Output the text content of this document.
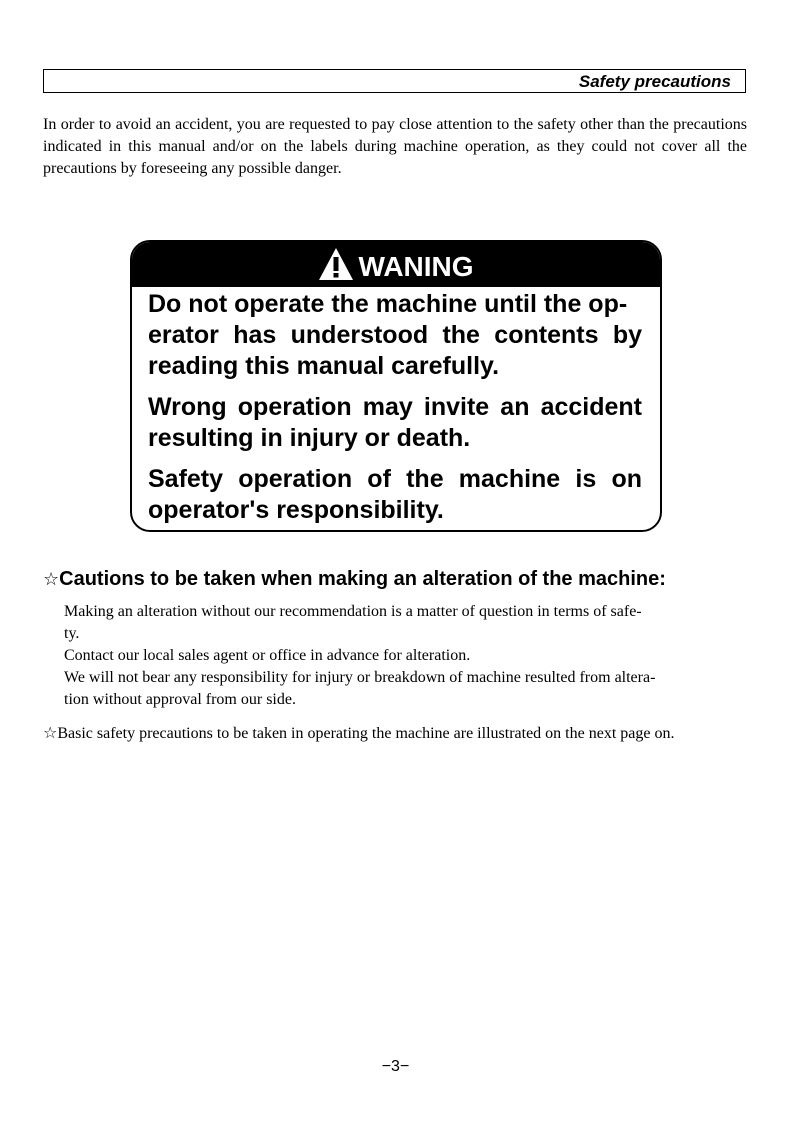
Safety precautions
In order to avoid an accident, you are requested to pay close attention to the safety other than the precautions indicated in this manual and/or on the labels during machine operation, as they could not cover all the precautions by foreseeing any possible danger.
WANING

Do not operate the machine until the op-
erator has understood the contents by reading this manual carefully.

Wrong operation may invite an accident resulting in injury or death.

Safety operation of the machine is on operator's responsibility.

☆Cautions to be taken when making an alteration of the machine:

Making an alteration without our recommendation is a matter of question in terms of safe-
ty.

Contact our local sales agent or office in advance for alteration.

We will not bear any responsibility for injury or breakdown of machine resulted from altera-
tion without approval from our side.

☆Basic safety precautions to be taken in operating the machine are illustrated on the next page on.
−3−
